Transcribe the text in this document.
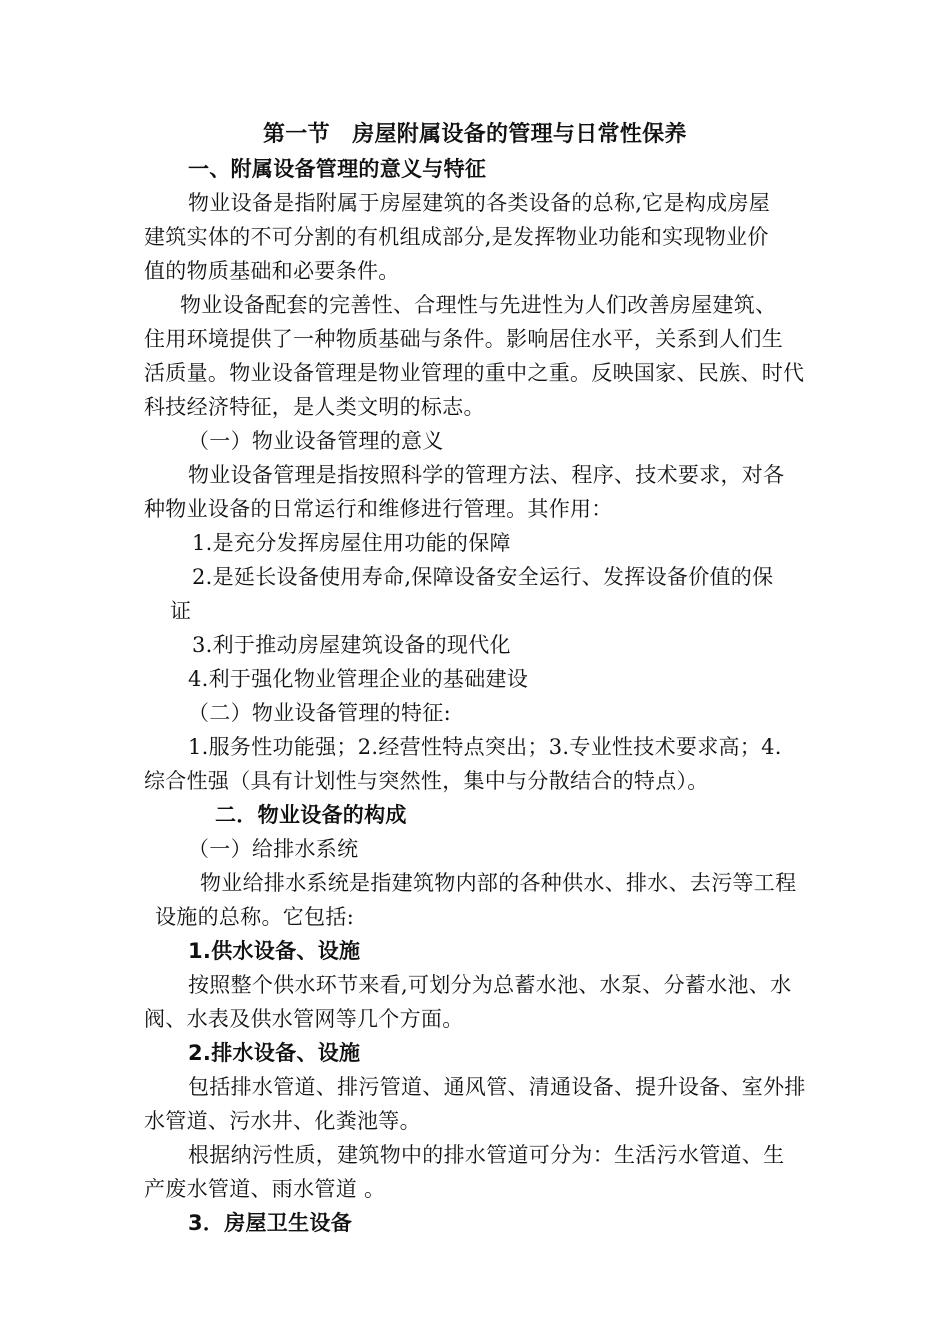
第一节　房屋附属设备的管理与日常性保养
一、附属设备管理的意义与特征
物业设备是指附属于房屋建筑的各类设备的总称,它是构成房屋
建筑实体的不可分割的有机组成部分,是发挥物业功能和实现物业价
值的物质基础和必要条件。
物业设备配套的完善性、合理性与先进性为人们改善房屋建筑、
住用环境提供了一种物质基础与条件。影响居住水平，关系到人们生
活质量。物业设备管理是物业管理的重中之重。反映国家、民族、时代
科技经济特征，是人类文明的标志。
（一）物业设备管理的意义
物业设备管理是指按照科学的管理方法、程序、技术要求，对各
种物业设备的日常运行和维修进行管理。其作用：
1.是充分发挥房屋住用功能的保障
2.是延长设备使用寿命,保障设备安全运行、发挥设备价值的保
证
3.利于推动房屋建筑设备的现代化
4.利于强化物业管理企业的基础建设
（二）物业设备管理的特征:
1.服务性功能强；2.经营性特点突出；3.专业性技术要求高；4.
综合性强（具有计划性与突然性，集中与分散结合的特点）。
二．物业设备的构成
（一）给排水系统
物业给排水系统是指建筑物内部的各种供水、排水、去污等工程
设施的总称。它包括:
1.供水设备、设施
按照整个供水环节来看,可划分为总蓄水池、水泵、分蓄水池、水
阀、水表及供水管网等几个方面。
2.排水设备、设施
包括排水管道、排污管道、通风管、清通设备、提升设备、室外排
水管道、污水井、化粪池等。
根据纳污性质，建筑物中的排水管道可分为：生活污水管道、生
产废水管道、雨水管道 。
3．房屋卫生设备
